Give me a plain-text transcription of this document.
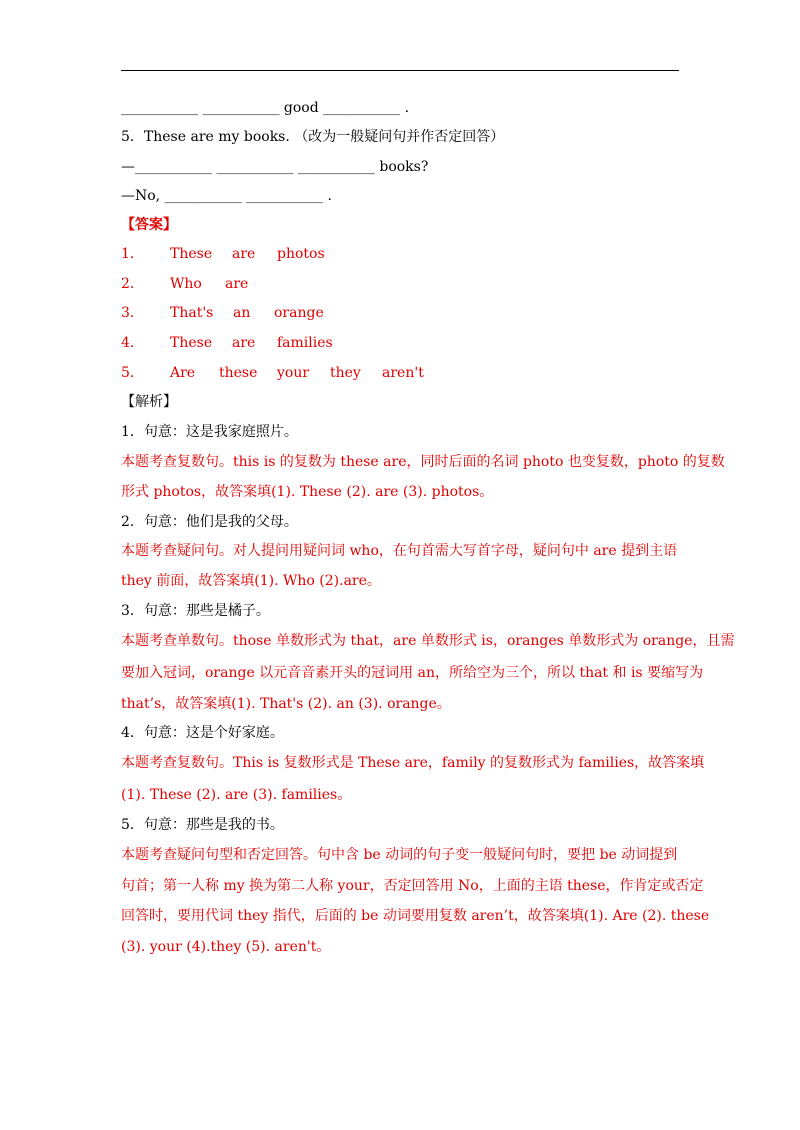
___________ ___________ good ___________ .
5．These are my books. （改为一般疑问句并作否定回答）
—___________ ___________ ___________ books?
—No, ___________ ___________ .
【答案】
1． These are photos
2． Who are
3． That's an orange
4． These are families
5． Are these your they aren't
【解析】
1．句意：这是我家庭照片。
本题考查复数句。this is 的复数为 these are，同时后面的名词 photo 也变复数，photo 的复数
形式 photos，故答案填(1). These (2). are (3). photos。
2．句意：他们是我的父母。
本题考查疑问句。对人提问用疑问词 who，在句首需大写首字母，疑问句中 are 提到主语
they 前面，故答案填(1). Who (2).are。
3．句意：那些是橘子。
本题考查单数句。those 单数形式为 that，are 单数形式 is，oranges 单数形式为 orange，且需
要加入冠词，orange 以元音音素开头的冠词用 an，所给空为三个，所以 that 和 is 要缩写为
that’s，故答案填(1). That's (2). an (3). orange。
4．句意：这是个好家庭。
本题考查复数句。This is 复数形式是 These are，family 的复数形式为 families，故答案填
(1). These (2). are (3). families。
5．句意：那些是我的书。
本题考查疑问句型和否定回答。句中含 be 动词的句子变一般疑问句时，要把 be 动词提到
句首；第一人称 my 换为第二人称 your，否定回答用 No，上面的主语 these，作肯定或否定
回答时，要用代词 they 指代，后面的 be 动词要用复数 aren’t，故答案填(1). Are (2). these
(3). your (4).they (5). aren't。
